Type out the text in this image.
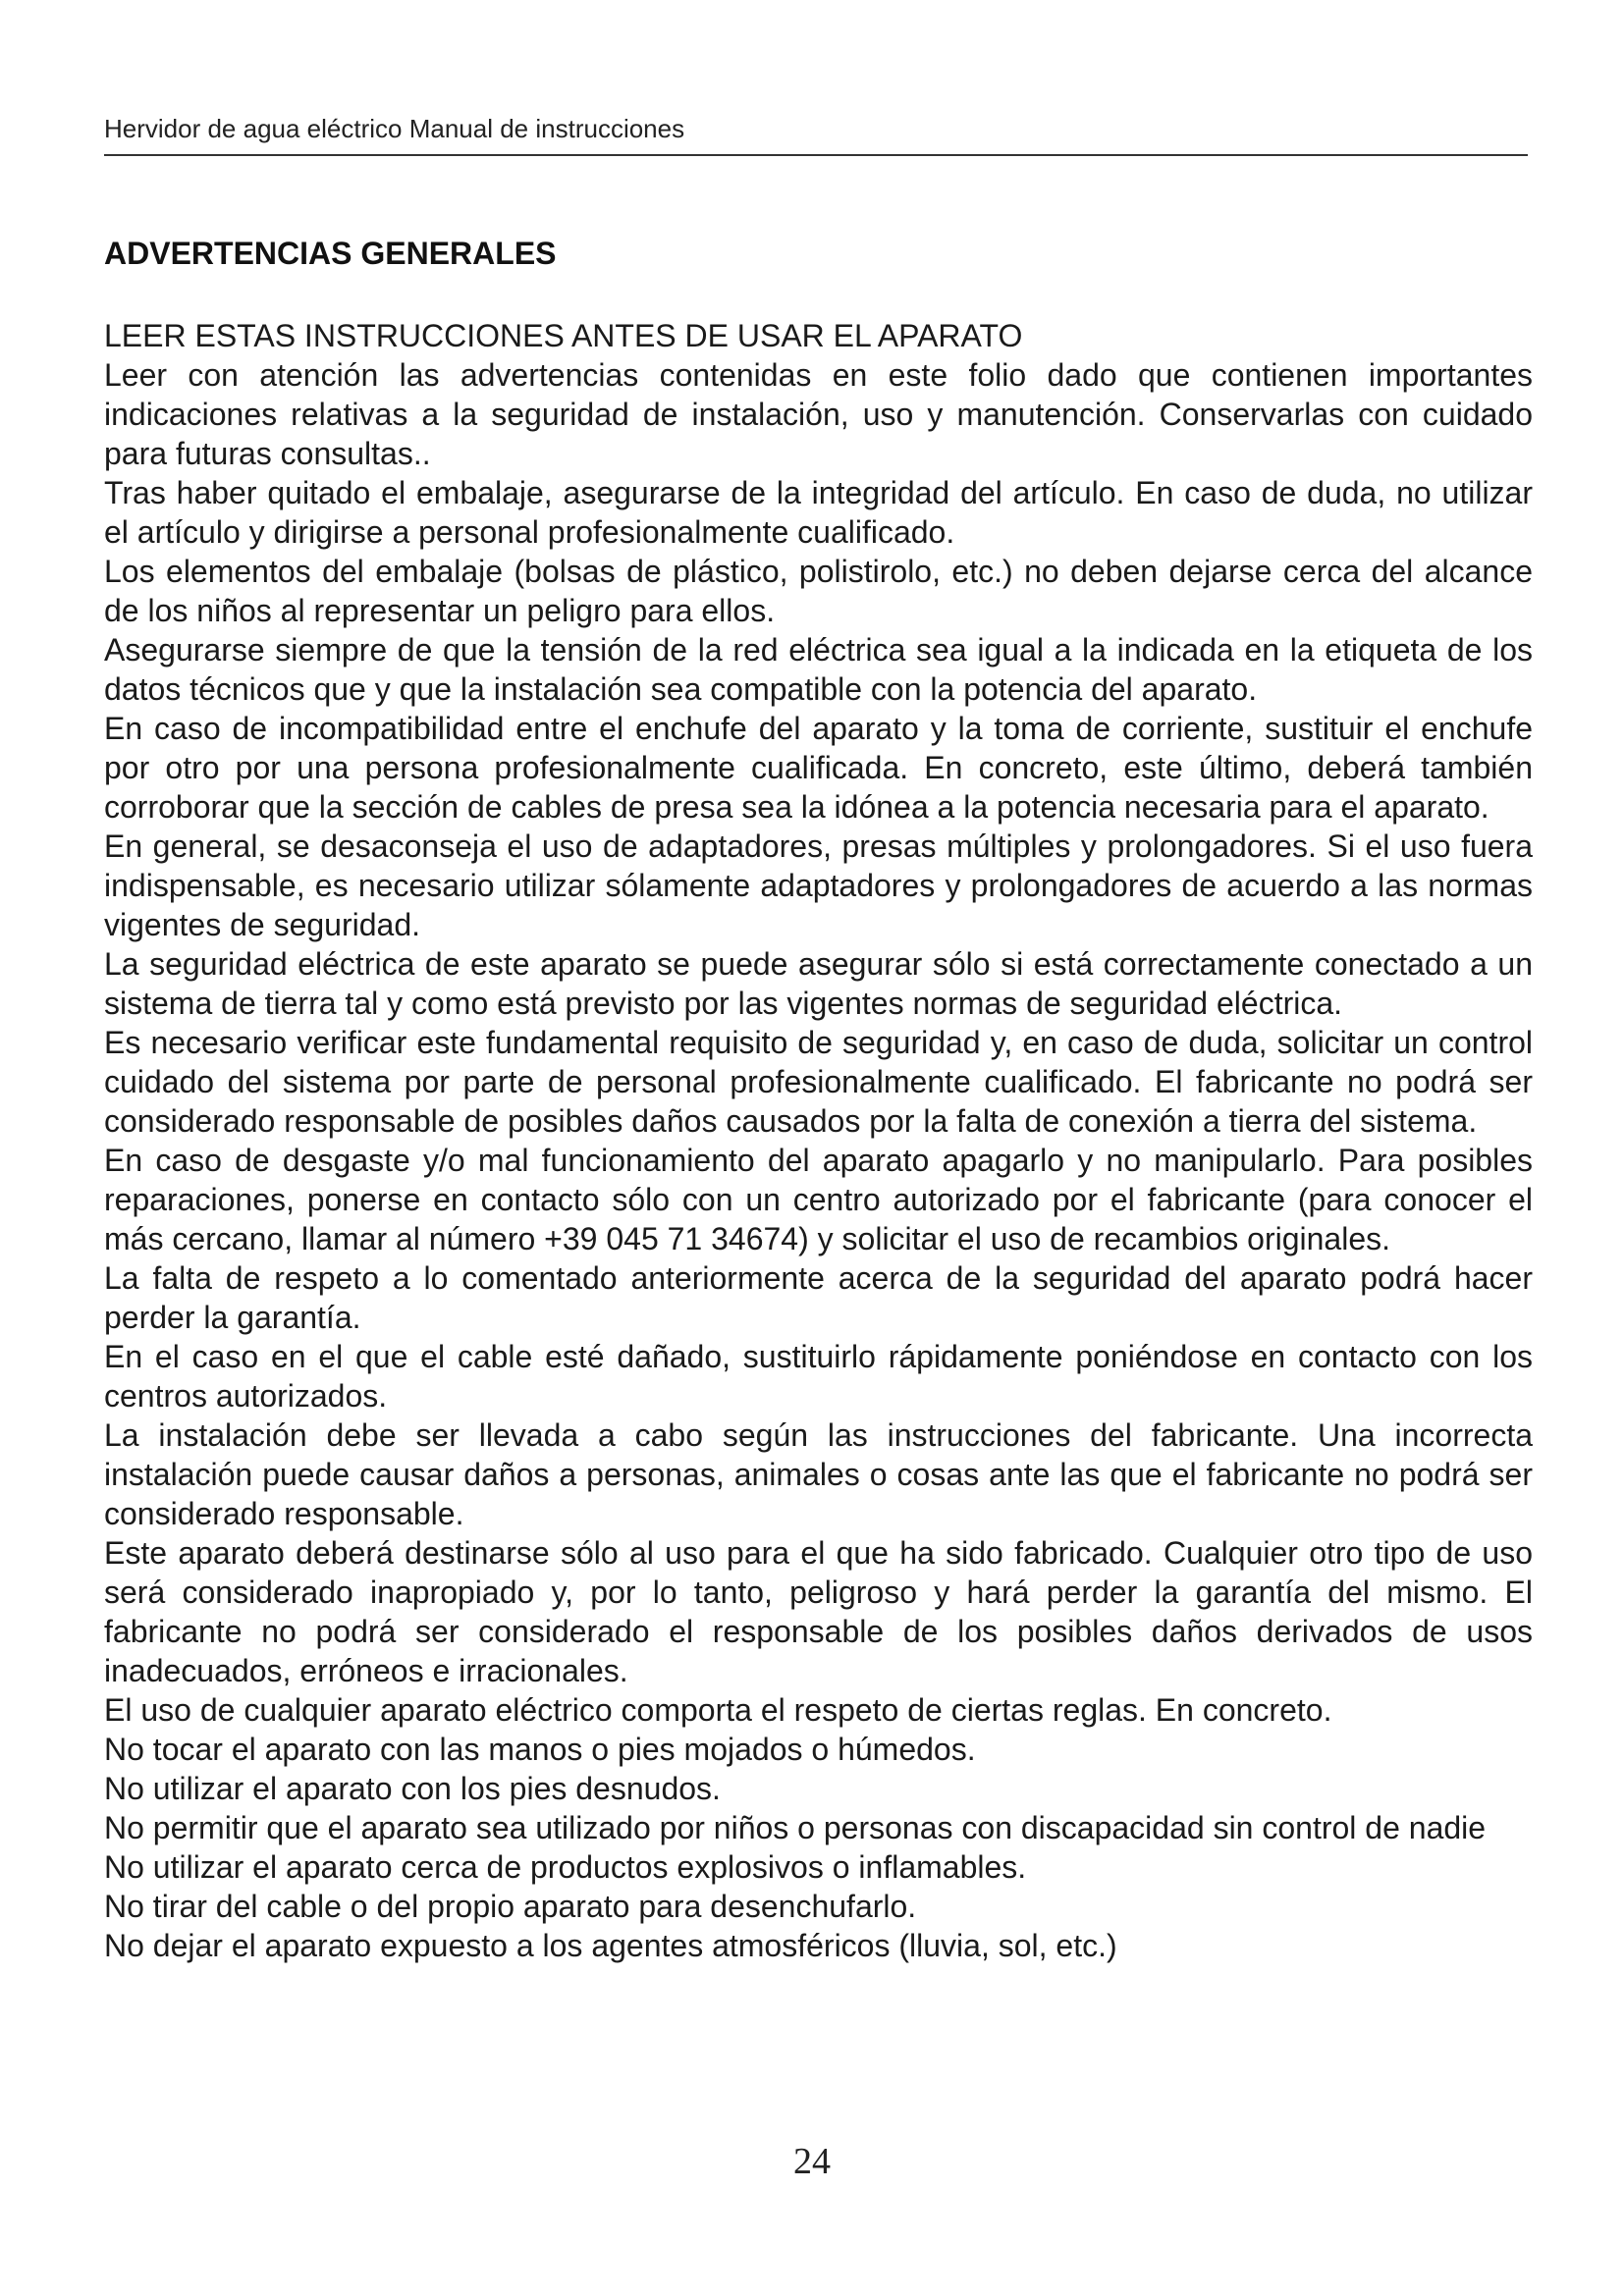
Hervidor de agua eléctrico Manual de instrucciones
ADVERTENCIAS GENERALES

LEER ESTAS INSTRUCCIONES ANTES DE USAR EL APARATO

Leer con atención las advertencias contenidas en este folio dado que contienen importantes indicaciones relativas a la seguridad de instalación, uso y manutención. Conservarlas con cuidado para futuras consultas..

Tras haber quitado el embalaje, asegurarse de la integridad del artículo. En caso de duda, no utilizar el artículo y dirigirse a personal profesionalmente cualificado.

Los elementos del embalaje (bolsas de plástico, polistirolo, etc.) no deben dejarse cerca del alcance de los niños al representar un peligro para ellos.

Asegurarse siempre de que la tensión de la red eléctrica sea igual a la indicada en la etiqueta de los datos técnicos que y que la instalación sea compatible con la potencia del aparato.

En caso de incompatibilidad entre el enchufe del aparato y la toma de corriente, sustituir el enchufe por otro por una persona profesionalmente cualificada. En concreto, este último, deberá también corroborar que la sección de cables de presa sea la idónea a la potencia necesaria para el aparato.

En general, se desaconseja el uso de adaptadores, presas múltiples y prolongadores. Si el uso fuera indispensable, es necesario utilizar sólamente adaptadores y prolongadores de acuerdo a las normas vigentes de seguridad.

La seguridad eléctrica de este aparato se puede asegurar sólo si está correctamente conectado a un sistema de tierra tal y como está previsto por las vigentes normas de seguridad eléctrica.

Es necesario verificar este fundamental requisito de seguridad y, en caso de duda, solicitar un control cuidado del sistema por parte de personal profesionalmente cualificado. El fabricante no podrá ser considerado responsable de posibles daños causados por la falta de conexión a tierra del sistema.

En caso de desgaste y/o mal funcionamiento del aparato apagarlo y no manipularlo. Para posibles reparaciones, ponerse en contacto sólo con un centro autorizado por el fabricante (para conocer el más cercano, llamar al número +39 045 71 34674) y solicitar el uso de recambios originales.

La falta de respeto a lo comentado anteriormente acerca de la seguridad del aparato podrá hacer perder la garantía.

En el caso en el que el cable esté dañado, sustituirlo rápidamente poniéndose en contacto con los centros autorizados.

La instalación debe ser llevada a cabo según las instrucciones del fabricante. Una incorrecta instalación puede causar daños a personas, animales o cosas ante las que el fabricante no podrá ser considerado responsable.

Este aparato deberá destinarse sólo al uso para el que ha sido fabricado. Cualquier otro tipo de uso será considerado inapropiado y, por lo tanto, peligroso y hará perder la garantía del mismo. El fabricante no podrá ser considerado el responsable de los posibles daños derivados de usos inadecuados, erróneos e irracionales.

El uso de cualquier aparato eléctrico comporta el respeto de ciertas reglas. En concreto.

No tocar el aparato con las manos o pies mojados o húmedos.

No utilizar el aparato con los pies desnudos.

No permitir que el aparato sea utilizado por niños o personas con discapacidad sin control de nadie

No utilizar el aparato cerca de productos explosivos o inflamables.

No tirar del cable o del propio aparato para desenchufarlo.

No dejar el aparato expuesto a los agentes atmosféricos (lluvia, sol, etc.)

24
